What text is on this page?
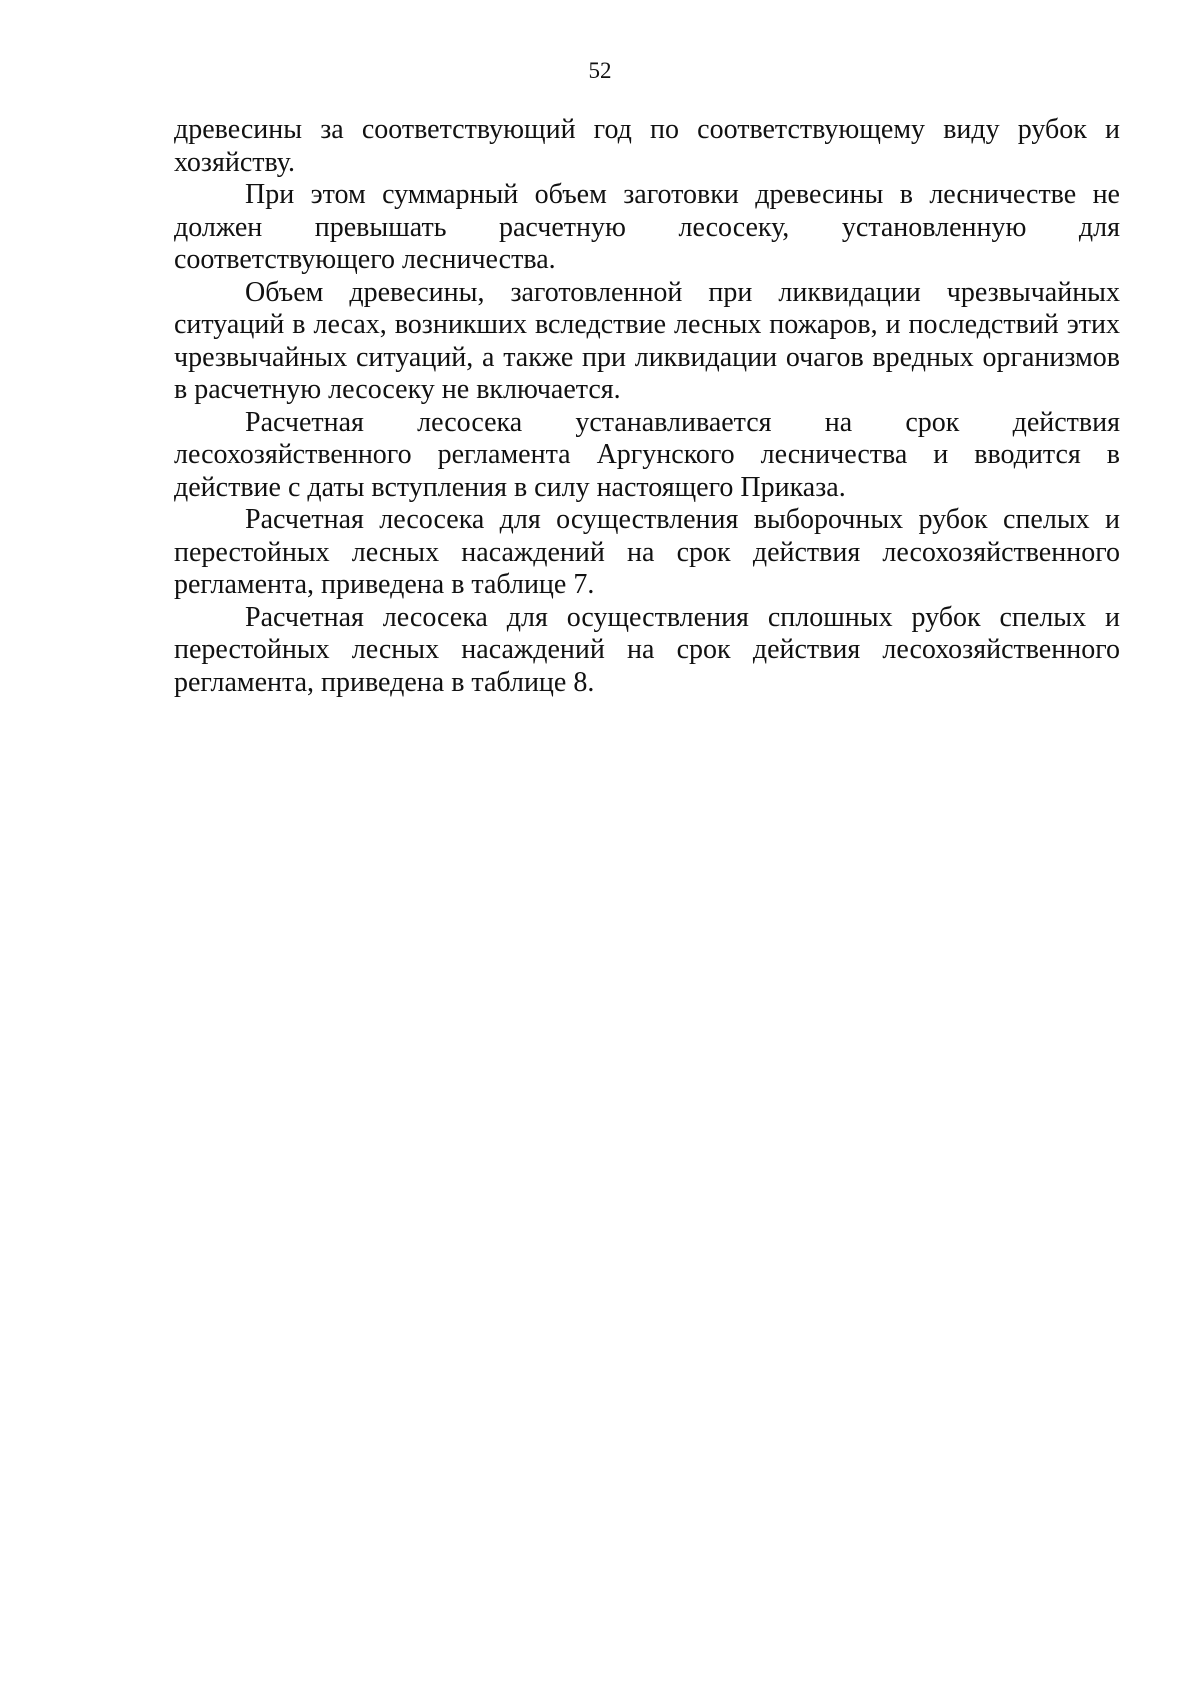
52

древесины за соответствующий год по соответствующему виду рубок и хозяйству.

При этом суммарный объем заготовки древесины в лесничестве не должен превышать расчетную лесосеку, установленную для соответствующего лесничества.

Объем древесины, заготовленной при ликвидации чрезвычайных ситуаций в лесах, возникших вследствие лесных пожаров, и последствий этих чрезвычайных ситуаций, а также при ликвидации очагов вредных организмов в расчетную лесосеку не включается.

Расчетная лесосека устанавливается на срок действия лесохозяйственного регламента Аргунского лесничества и вводится в действие с даты вступления в силу настоящего Приказа.

Расчетная лесосека для осуществления выборочных рубок спелых и перестойных лесных насаждений на срок действия лесохозяйственного регламента, приведена в таблице 7.

Расчетная лесосека для осуществления сплошных рубок спелых и перестойных лесных насаждений на срок действия лесохозяйственного регламента, приведена в таблице 8.
